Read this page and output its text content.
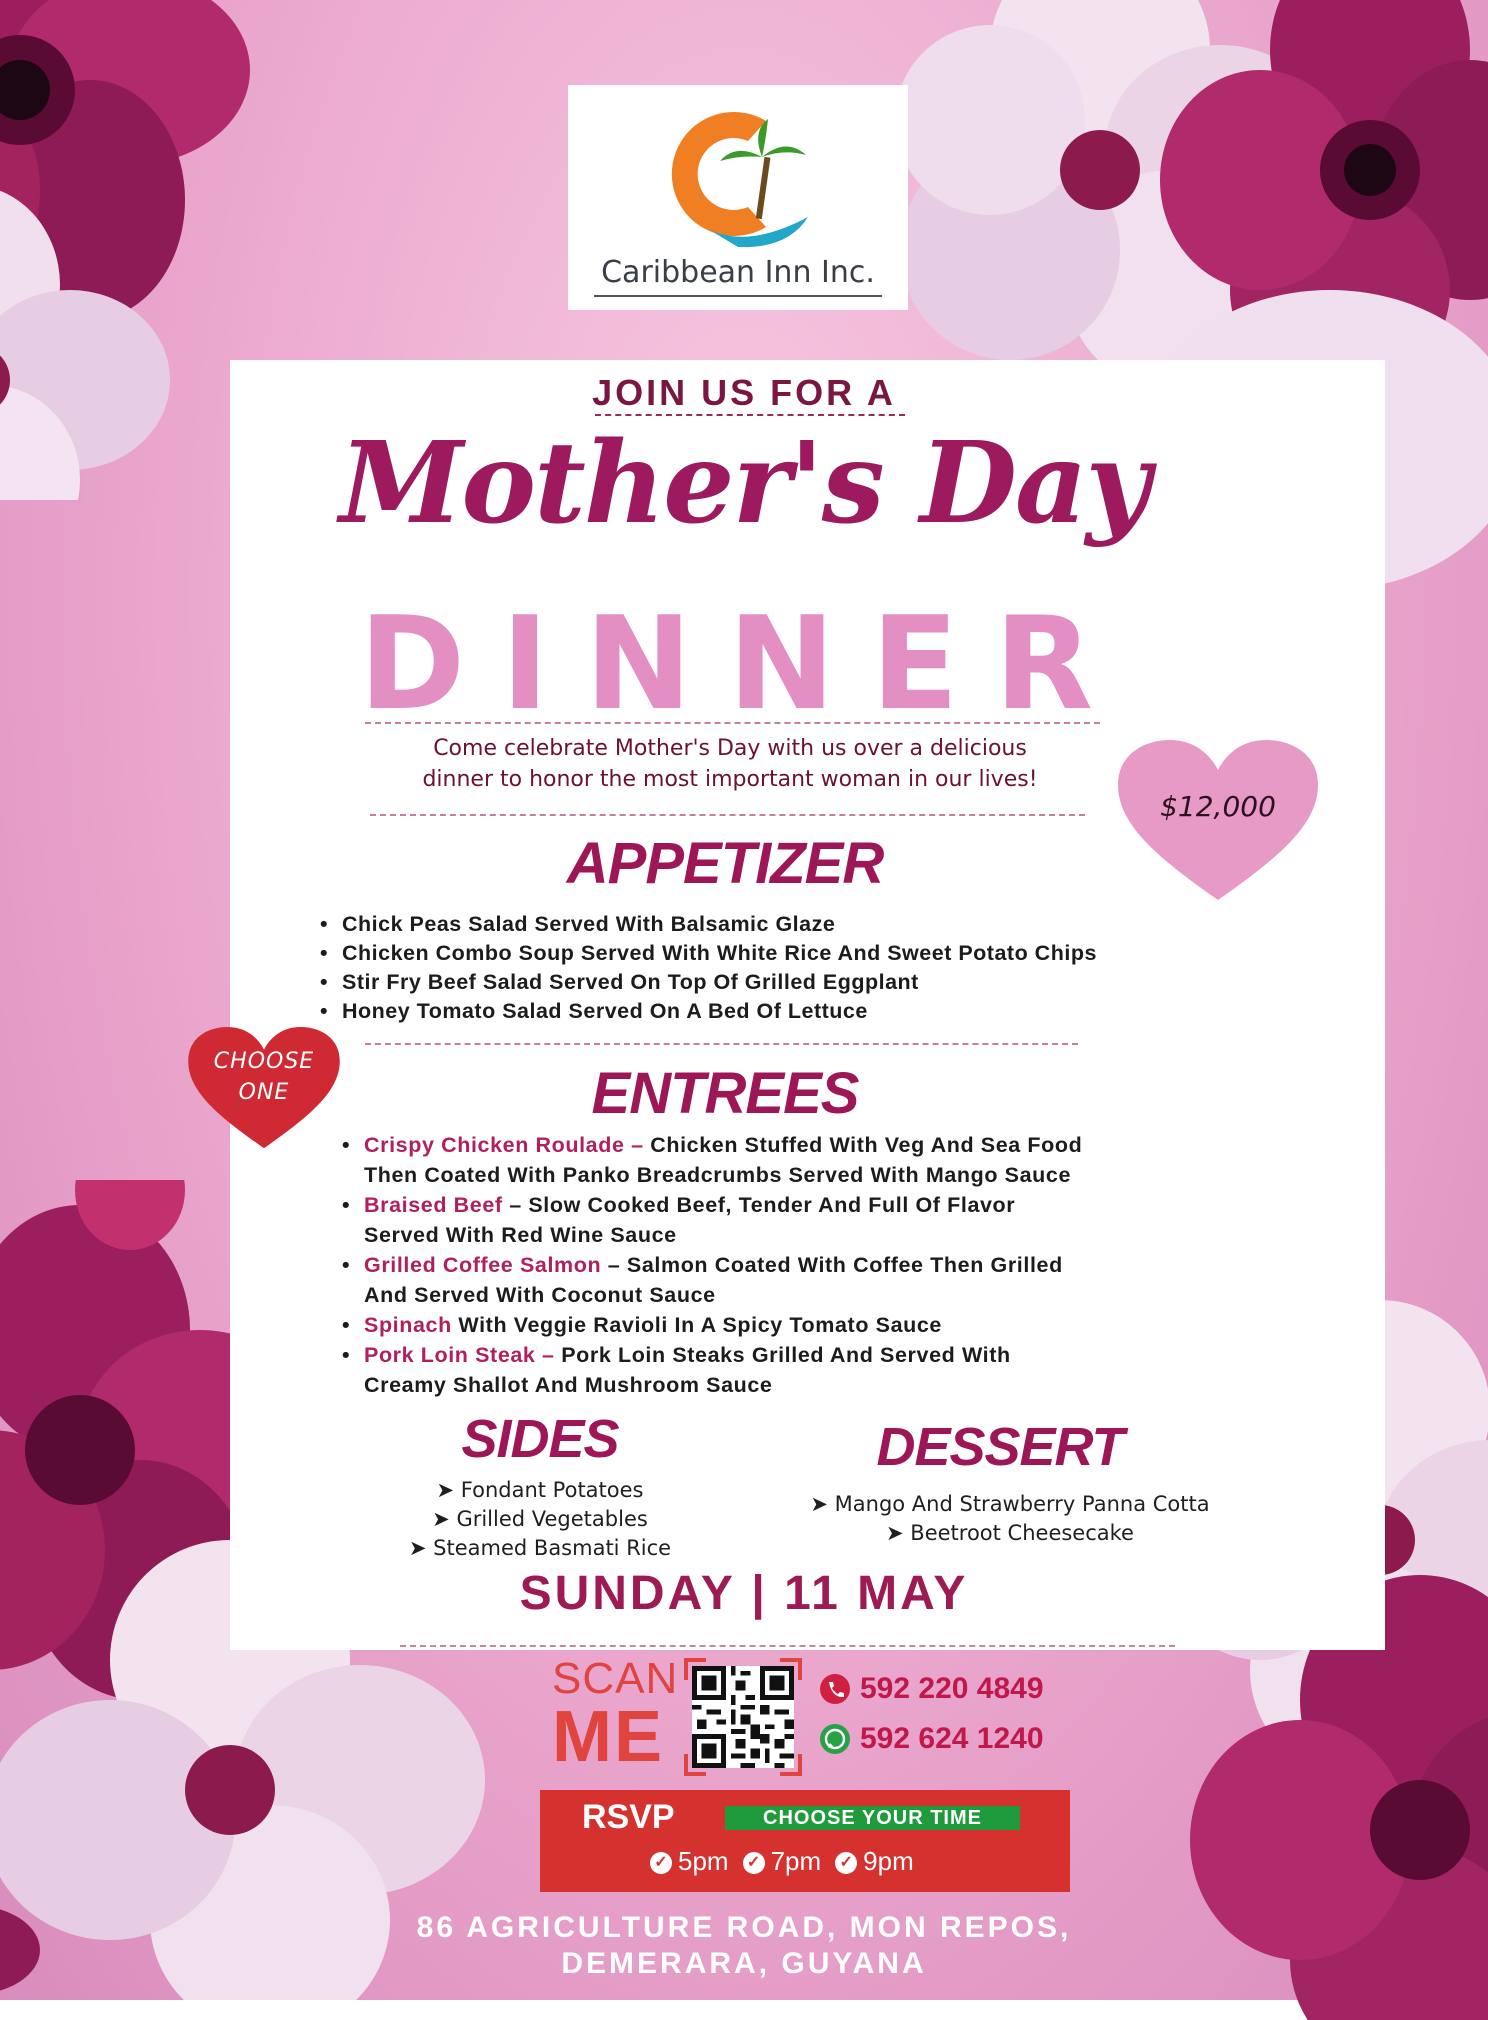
Caribbean Inn Inc.
JOIN US FOR A
Mother's Day
DINNER
Come celebrate Mother's Day with us over a delicious
dinner to honor the most important woman in our lives!
$12,000
APPETIZER
• Chick Peas Salad Served With Balsamic Glaze
• Chicken Combo Soup Served With White Rice And Sweet Potato Chips
• Stir Fry Beef Salad Served On Top Of Grilled Eggplant
• Honey Tomato Salad Served On A Bed Of Lettuce
CHOOSE
ONE	ENTREES
• Crispy Chicken Roulade – Chicken Stuffed With Veg And Sea Food
Then Coated With Panko Breadcrumbs Served With Mango Sauce
• Braised Beef – Slow Cooked Beef, Tender And Full Of Flavor
Served With Red Wine Sauce
• Grilled Coffee Salmon – Salmon Coated With Coffee Then Grilled
And Served With Coconut Sauce
• Spinach With Veggie Ravioli In A Spicy Tomato Sauce
• Pork Loin Steak – Pork Loin Steaks Grilled And Served With
Creamy Shallot And Mushroom Sauce
SIDES
➤ Fondant Potatoes
➤ Grilled Vegetables
➤ Steamed Basmati Rice
DESSERT
➤ Mango And Strawberry Panna Cotta
➤ Beetroot Cheesecake
SUNDAY | 11 MAY
SCAN
ME
592 220 4849
592 624 1240
RSVP	CHOOSE YOUR TIME
✓ 5pm ✓ 7pm ✓ 9pm
86 AGRICULTURE ROAD, MON REPOS,
DEMERARA, GUYANA
